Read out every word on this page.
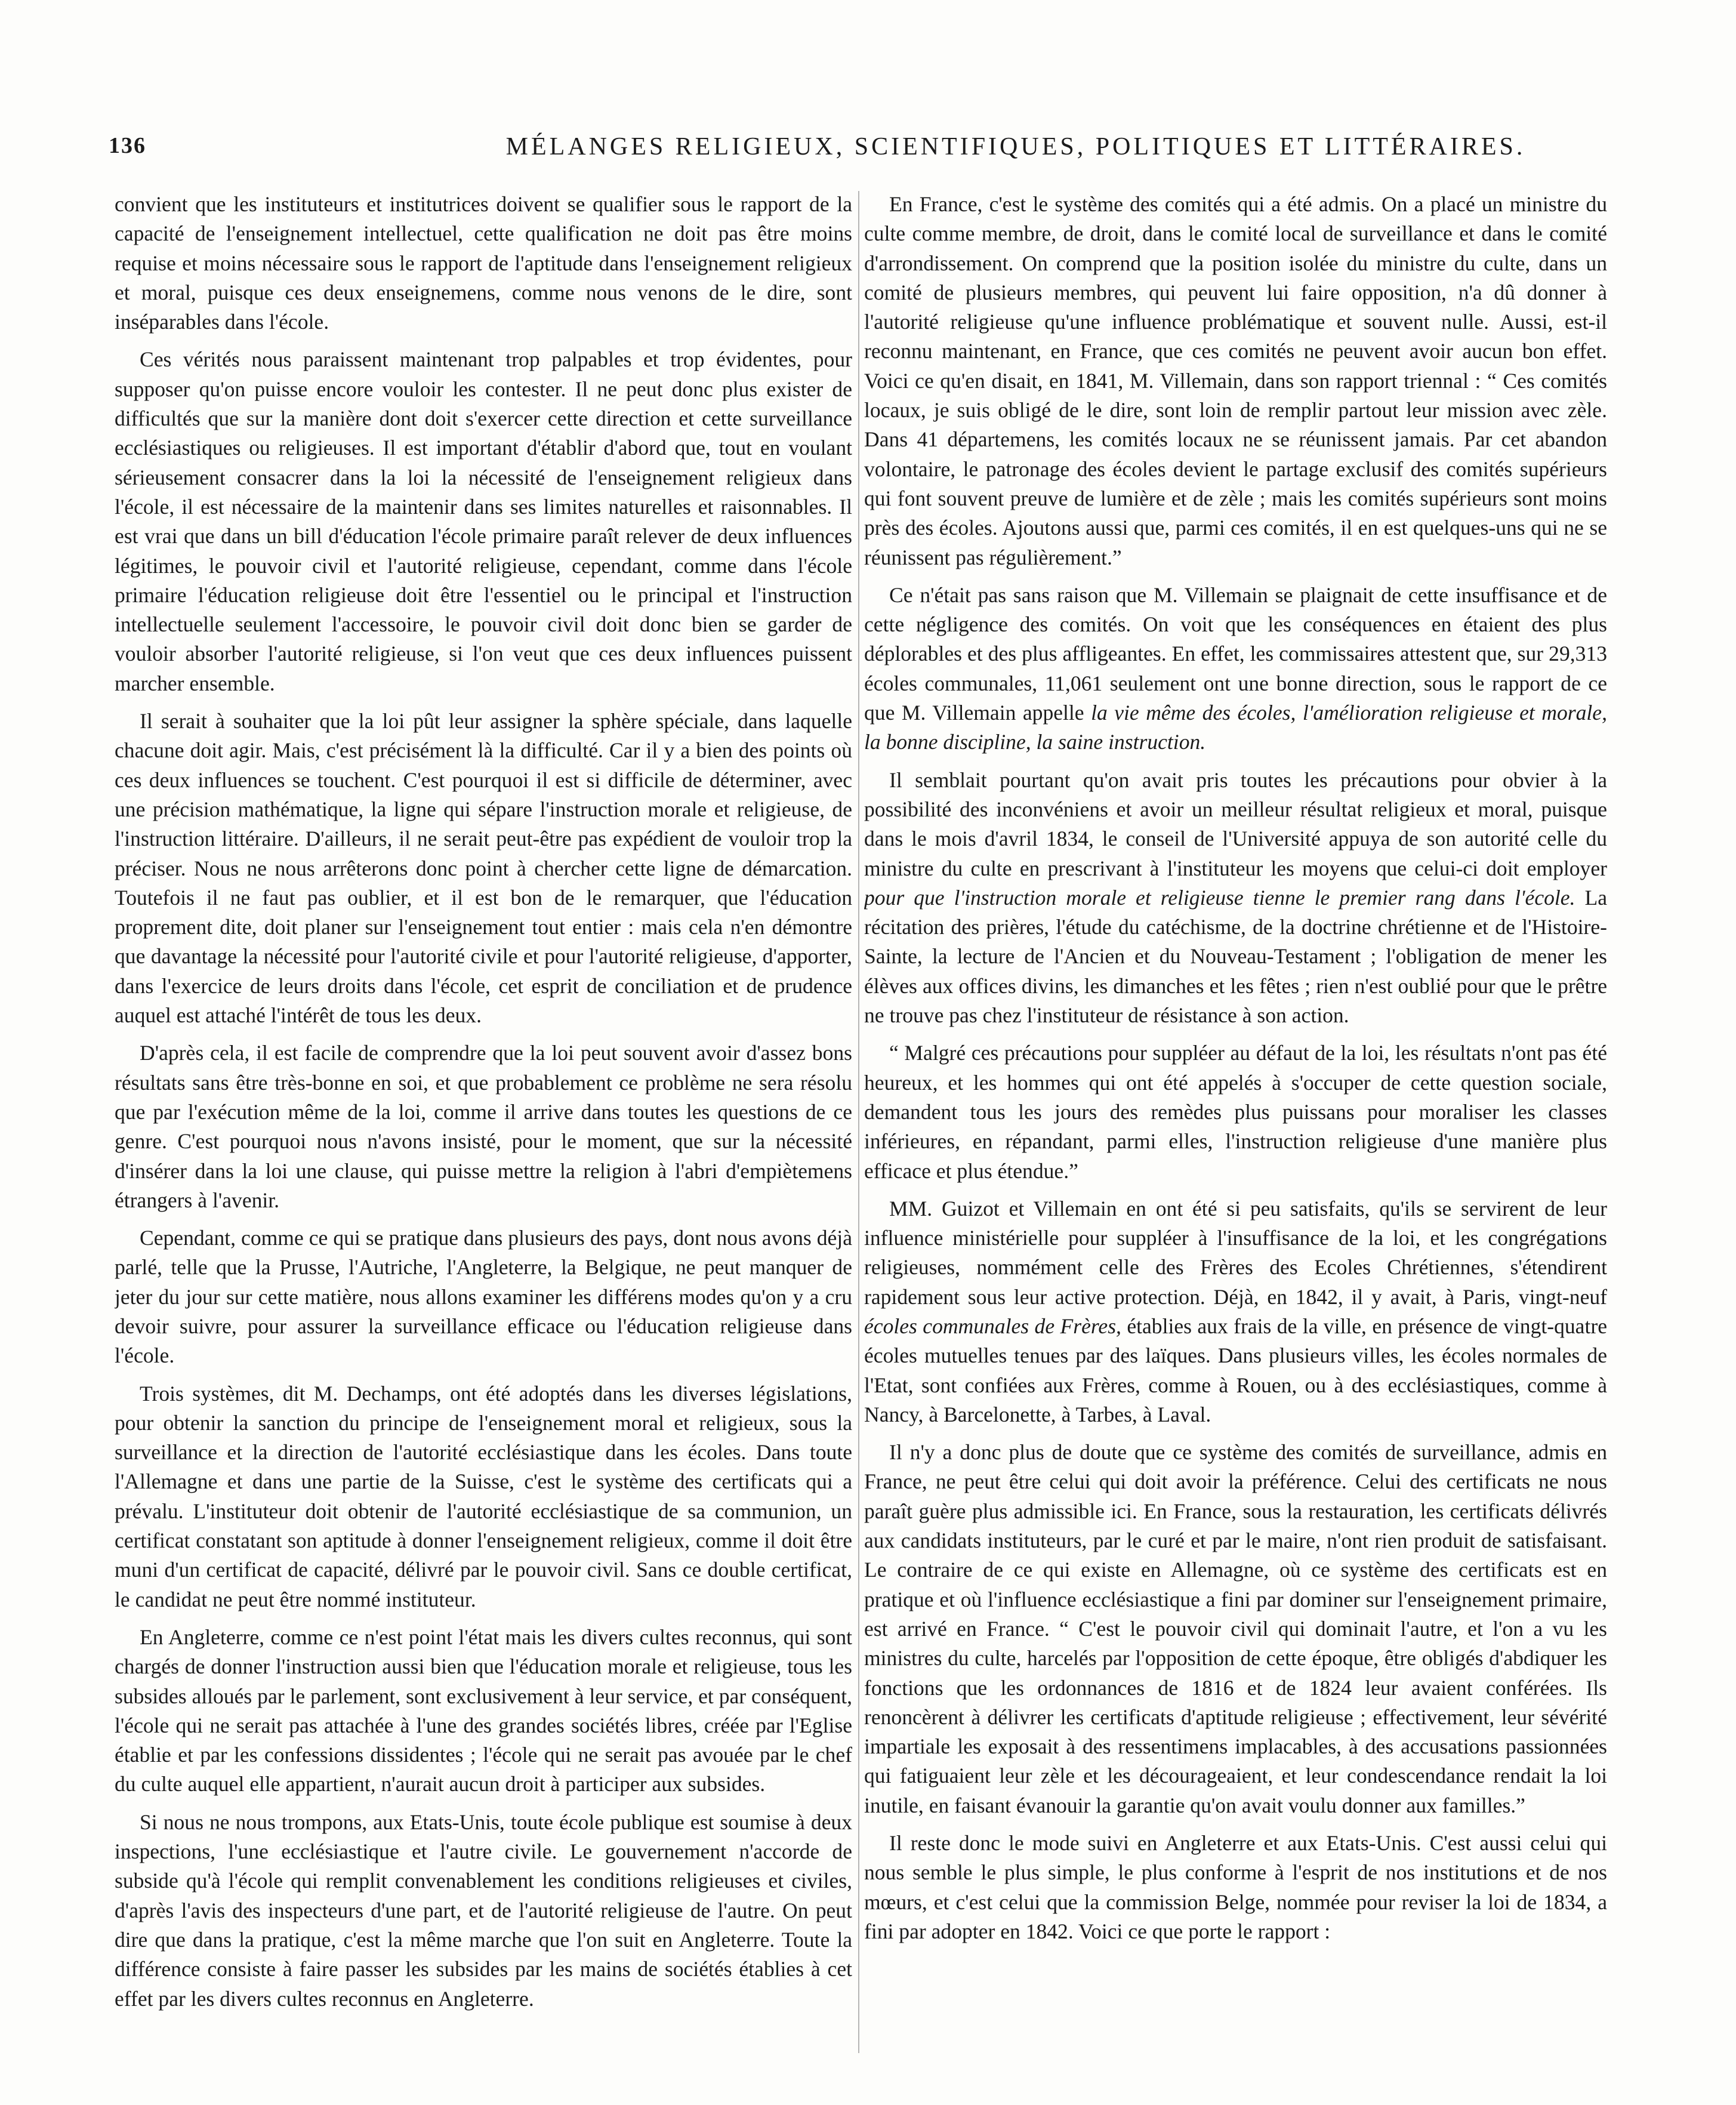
136	MÉLANGES RELIGIEUX, SCIENTIFIQUES, POLITIQUES ET LITTÉRAIRES.

convient que les instituteurs et institutrices doivent se qualifier sous le rapport de la capacité de l'enseignement intellectuel, cette qualification ne doit pas être moins requise et moins nécessaire sous le rapport de l'aptitude dans l'enseignement religieux et moral, puisque ces deux enseignemens, comme nous venons de le dire, sont inséparables dans l'école.

Ces vérités nous paraissent maintenant trop palpables et trop évidentes, pour supposer qu'on puisse encore vouloir les contester. Il ne peut donc plus exister de difficultés que sur la manière dont doit s'exercer cette direction et cette surveillance ecclésiastiques ou religieuses. Il est important d'établir d'abord que, tout en voulant sérieusement consacrer dans la loi la nécessité de l'enseignement religieux dans l'école, il est nécessaire de la maintenir dans ses limites naturelles et raisonnables. Il est vrai que dans un bill d'éducation l'école primaire paraît relever de deux influences légitimes, le pouvoir civil et l'autorité religieuse, cependant, comme dans l'école primaire l'éducation religieuse doit être l'essentiel ou le principal et l'instruction intellectuelle seulement l'accessoire, le pouvoir civil doit donc bien se garder de vouloir absorber l'autorité religieuse, si l'on veut que ces deux influences puissent marcher ensemble.

Il serait à souhaiter que la loi pût leur assigner la sphère spéciale, dans laquelle chacune doit agir. Mais, c'est précisément là la difficulté. Car il y a bien des points où ces deux influences se touchent. C'est pourquoi il est si difficile de déterminer, avec une précision mathématique, la ligne qui sépare l'instruction morale et religieuse, de l'instruction littéraire. D'ailleurs, il ne serait peut-être pas expédient de vouloir trop la préciser. Nous ne nous arrêterons donc point à chercher cette ligne de démarcation. Toutefois il ne faut pas oublier, et il est bon de le remarquer, que l'éducation proprement dite, doit planer sur l'enseignement tout entier : mais cela n'en démontre que davantage la nécessité pour l'autorité civile et pour l'autorité religieuse, d'apporter, dans l'exercice de leurs droits dans l'école, cet esprit de conciliation et de prudence auquel est attaché l'intérêt de tous les deux.

D'après cela, il est facile de comprendre que la loi peut souvent avoir d'assez bons résultats sans être très-bonne en soi, et que probablement ce problème ne sera résolu que par l'exécution même de la loi, comme il arrive dans toutes les questions de ce genre. C'est pourquoi nous n'avons insisté, pour le moment, que sur la nécessité d'insérer dans la loi une clause, qui puisse mettre la religion à l'abri d'empiètemens étrangers à l'avenir.

Cependant, comme ce qui se pratique dans plusieurs des pays, dont nous avons déjà parlé, telle que la Prusse, l'Autriche, l'Angleterre, la Belgique, ne peut manquer de jeter du jour sur cette matière, nous allons examiner les différens modes qu'on y a cru devoir suivre, pour assurer la surveillance efficace ou l'éducation religieuse dans l'école.

Trois systèmes, dit M. Dechamps, ont été adoptés dans les diverses législations, pour obtenir la sanction du principe de l'enseignement moral et religieux, sous la surveillance et la direction de l'autorité ecclésiastique dans les écoles. Dans toute l'Allemagne et dans une partie de la Suisse, c'est le système des certificats qui a prévalu. L'instituteur doit obtenir de l'autorité ecclésiastique de sa communion, un certificat constatant son aptitude à donner l'enseignement religieux, comme il doit être muni d'un certificat de capacité, délivré par le pouvoir civil. Sans ce double certificat, le candidat ne peut être nommé instituteur.

En Angleterre, comme ce n'est point l'état mais les divers cultes reconnus, qui sont chargés de donner l'instruction aussi bien que l'éducation morale et religieuse, tous les subsides alloués par le parlement, sont exclusivement à leur service, et par conséquent, l'école qui ne serait pas attachée à l'une des grandes sociétés libres, créée par l'Eglise établie et par les confessions dissidentes ; l'école qui ne serait pas avouée par le chef du culte auquel elle appartient, n'aurait aucun droit à participer aux subsides.

Si nous ne nous trompons, aux Etats-Unis, toute école publique est soumise à deux inspections, l'une ecclésiastique et l'autre civile. Le gouvernement n'accorde de subside qu'à l'école qui remplit convenablement les conditions religieuses et civiles, d'après l'avis des inspecteurs d'une part, et de l'autorité religieuse de l'autre. On peut dire que dans la pratique, c'est la même marche que l'on suit en Angleterre. Toute la différence consiste à faire passer les subsides par les mains de sociétés établies à cet effet par les divers cultes reconnus en Angleterre.

En France, c'est le système des comités qui a été admis. On a placé un ministre du culte comme membre, de droit, dans le comité local de surveillance et dans le comité d'arrondissement. On comprend que la position isolée du ministre du culte, dans un comité de plusieurs membres, qui peuvent lui faire opposition, n'a dû donner à l'autorité religieuse qu'une influence problématique et souvent nulle. Aussi, est-il reconnu maintenant, en France, que ces comités ne peuvent avoir aucun bon effet. Voici ce qu'en disait, en 1841, M. Villemain, dans son rapport triennal : “ Ces comités locaux, je suis obligé de le dire, sont loin de remplir partout leur mission avec zèle. Dans 41 départemens, les comités locaux ne se réunissent jamais. Par cet abandon volontaire, le patronage des écoles devient le partage exclusif des comités supérieurs qui font souvent preuve de lumière et de zèle ; mais les comités supérieurs sont moins près des écoles. Ajoutons aussi que, parmi ces comités, il en est quelques-uns qui ne se réunissent pas régulièrement.”

Ce n'était pas sans raison que M. Villemain se plaignait de cette insuffisance et de cette négligence des comités. On voit que les conséquences en étaient des plus déplorables et des plus affligeantes. En effet, les commissaires attestent que, sur 29,313 écoles communales, 11,061 seulement ont une bonne direction, sous le rapport de ce que M. Villemain appelle la vie même des écoles, l'amélioration religieuse et morale, la bonne discipline, la saine instruction.

Il semblait pourtant qu'on avait pris toutes les précautions pour obvier à la possibilité des inconvéniens et avoir un meilleur résultat religieux et moral, puisque dans le mois d'avril 1834, le conseil de l'Université appuya de son autorité celle du ministre du culte en prescrivant à l'instituteur les moyens que celui-ci doit employer pour que l'instruction morale et religieuse tienne le premier rang dans l'école. La récitation des prières, l'étude du catéchisme, de la doctrine chrétienne et de l'Histoire-Sainte, la lecture de l'Ancien et du Nouveau-Testament ; l'obligation de mener les élèves aux offices divins, les dimanches et les fêtes ; rien n'est oublié pour que le prêtre ne trouve pas chez l'instituteur de résistance à son action.

“ Malgré ces précautions pour suppléer au défaut de la loi, les résultats n'ont pas été heureux, et les hommes qui ont été appelés à s'occuper de cette question sociale, demandent tous les jours des remèdes plus puissans pour moraliser les classes inférieures, en répandant, parmi elles, l'instruction religieuse d'une manière plus efficace et plus étendue.”

MM. Guizot et Villemain en ont été si peu satisfaits, qu'ils se servirent de leur influence ministérielle pour suppléer à l'insuffisance de la loi, et les congrégations religieuses, nommément celle des Frères des Ecoles Chrétiennes, s'étendirent rapidement sous leur active protection. Déjà, en 1842, il y avait, à Paris, vingt-neuf écoles communales de Frères, établies aux frais de la ville, en présence de vingt-quatre écoles mutuelles tenues par des laïques. Dans plusieurs villes, les écoles normales de l'Etat, sont confiées aux Frères, comme à Rouen, ou à des ecclésiastiques, comme à Nancy, à Barcelonette, à Tarbes, à Laval.

Il n'y a donc plus de doute que ce système des comités de surveillance, admis en France, ne peut être celui qui doit avoir la préférence. Celui des certificats ne nous paraît guère plus admissible ici. En France, sous la restauration, les certificats délivrés aux candidats instituteurs, par le curé et par le maire, n'ont rien produit de satisfaisant. Le contraire de ce qui existe en Allemagne, où ce système des certificats est en pratique et où l'influence ecclésiastique a fini par dominer sur l'enseignement primaire, est arrivé en France. “ C'est le pouvoir civil qui dominait l'autre, et l'on a vu les ministres du culte, harcelés par l'opposition de cette époque, être obligés d'abdiquer les fonctions que les ordonnances de 1816 et de 1824 leur avaient conférées. Ils renoncèrent à délivrer les certificats d'aptitude religieuse ; effectivement, leur sévérité impartiale les exposait à des ressentimens implacables, à des accusations passionnées qui fatiguaient leur zèle et les décourageaient, et leur condescendance rendait la loi inutile, en faisant évanouir la garantie qu'on avait voulu donner aux familles.”

Il reste donc le mode suivi en Angleterre et aux Etats-Unis. C'est aussi celui qui nous semble le plus simple, le plus conforme à l'esprit de nos institutions et de nos mœurs, et c'est celui que la commission Belge, nommée pour reviser la loi de 1834, a fini par adopter en 1842. Voici ce que porte le rapport :
